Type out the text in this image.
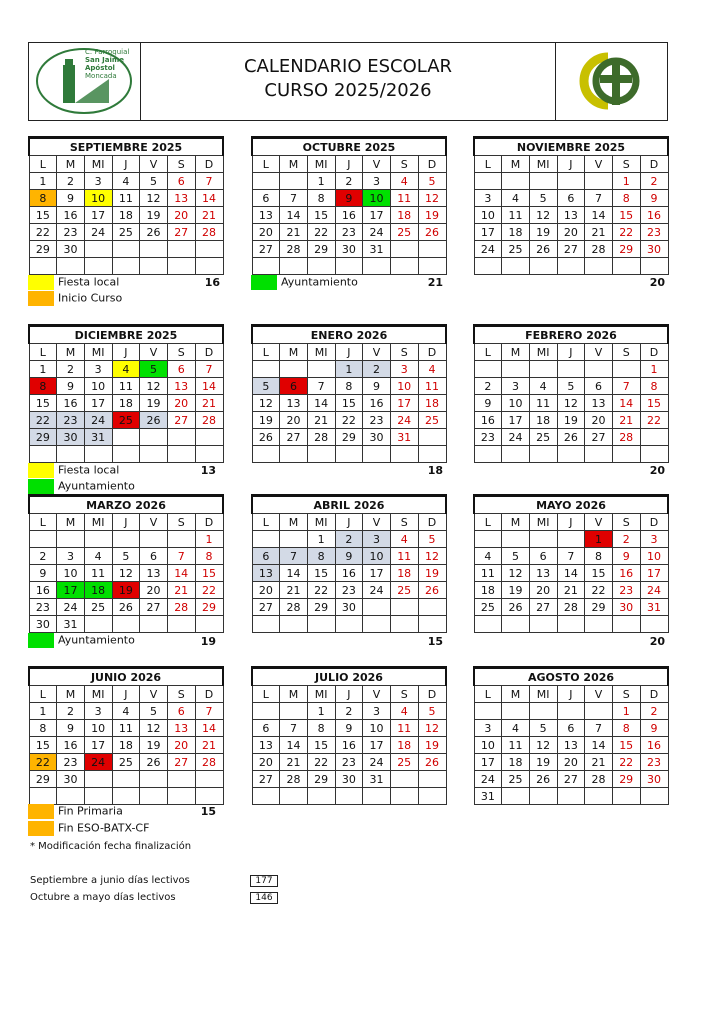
C. Parroquial
San Jaime
Apóstol
Moncada	CALENDARIO ESCOLAR
CURSO 2025/2026
SEPTIEMBRE 2025						
L	M	MI	J	V	S	D
1	2	3	4	5	6	7
8	9	10	11	12	13	14
15	16	17	18	19	20	21
22	23	24	25	26	27	28
29	30					

OCTUBRE 2025						
L	M	MI	J	V	S	D
		1	2	3	4	5
6	7	8	9	10	11	12
13	14	15	16	17	18	19
20	21	22	23	24	25	26
27	28	29	30	31		

NOVIEMBRE 2025						
L	M	MI	J	V	S	D
					1	2
3	4	5	6	7	8	9
10	11	12	13	14	15	16
17	18	19	20	21	22	23
24	25	26	27	28	29	30

DICIEMBRE 2025						
L	M	MI	J	V	S	D
1	2	3	4	5	6	7
8	9	10	11	12	13	14
15	16	17	18	19	20	21
22	23	24	25	26	27	28
29	30	31				

ENERO 2026						
L	M	MI	J	V	S	D
			1	2	3	4
5	6	7	8	9	10	11
12	13	14	15	16	17	18
19	20	21	22	23	24	25
26	27	28	29	30	31	

FEBRERO 2026						
L	M	MI	J	V	S	D
						1
2	3	4	5	6	7	8
9	10	11	12	13	14	15
16	17	18	19	20	21	22
23	24	25	26	27	28	

MARZO 2026						
L	M	MI	J	V	S	D
						1
2	3	4	5	6	7	8
9	10	11	12	13	14	15
16	17	18	19	20	21	22
23	24	25	26	27	28	29
30	31					
ABRIL 2026						
L	M	MI	J	V	S	D
		1	2	3	4	5
6	7	8	9	10	11	12
13	14	15	16	17	18	19
20	21	22	23	24	25	26
27	28	29	30			

MAYO 2026						
L	M	MI	J	V	S	D
				1	2	3
4	5	6	7	8	9	10
11	12	13	14	15	16	17
18	19	20	21	22	23	24
25	26	27	28	29	30	31

JUNIO 2026						
L	M	MI	J	V	S	D
1	2	3	4	5	6	7
8	9	10	11	12	13	14
15	16	17	18	19	20	21
22	23	24	25	26	27	28
29	30					

JULIO 2026						
L	M	MI	J	V	S	D
		1	2	3	4	5
6	7	8	9	10	11	12
13	14	15	16	17	18	19
20	21	22	23	24	25	26
27	28	29	30	31		

AGOSTO 2026						
L	M	MI	J	V	S	D
					1	2
3	4	5	6	7	8	9
10	11	12	13	14	15	16
17	18	19	20	21	22	23
24	25	26	27	28	29	30
31						
16	21	20
13	18	20
19	15	20
15
Fiesta local
Inicio Curso
Ayuntamiento
Fiesta local
Ayuntamiento
Ayuntamiento
Fin Primaria
Fin ESO-BATX-CF
* Modificación fecha finalización
Septiembre a junio días lectivos	177
Octubre a mayo días lectivos	146
